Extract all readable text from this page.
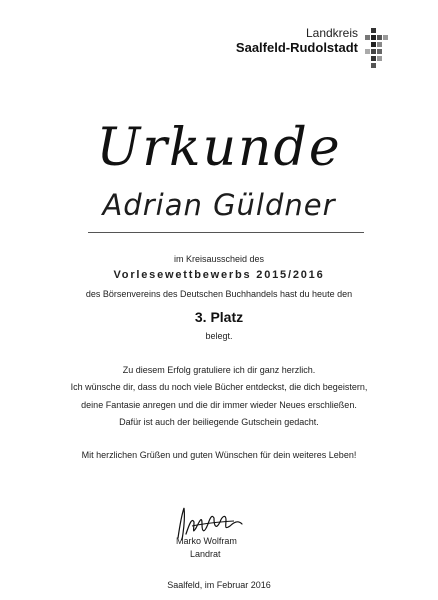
Landkreis
Saalfeld-Rudolstadt
Urkunde
Adrian Güldner
im Kreisausscheid des
Vorlesewettbewerbs 2015/2016
des Börsenvereins des Deutschen Buchhandels hast du heute den
3. Platz
belegt.
Zu diesem Erfolg gratuliere ich dir ganz herzlich.
Ich wünsche dir, dass du noch viele Bücher entdeckst, die dich begeistern,
deine Fantasie anregen und die dir immer wieder Neues erschließen.
Dafür ist auch der beiliegende Gutschein gedacht.
Mit herzlichen Grüßen und guten Wünschen für dein weiteres Leben!
Marko Wolfram
Landrat
Saalfeld, im Februar 2016
